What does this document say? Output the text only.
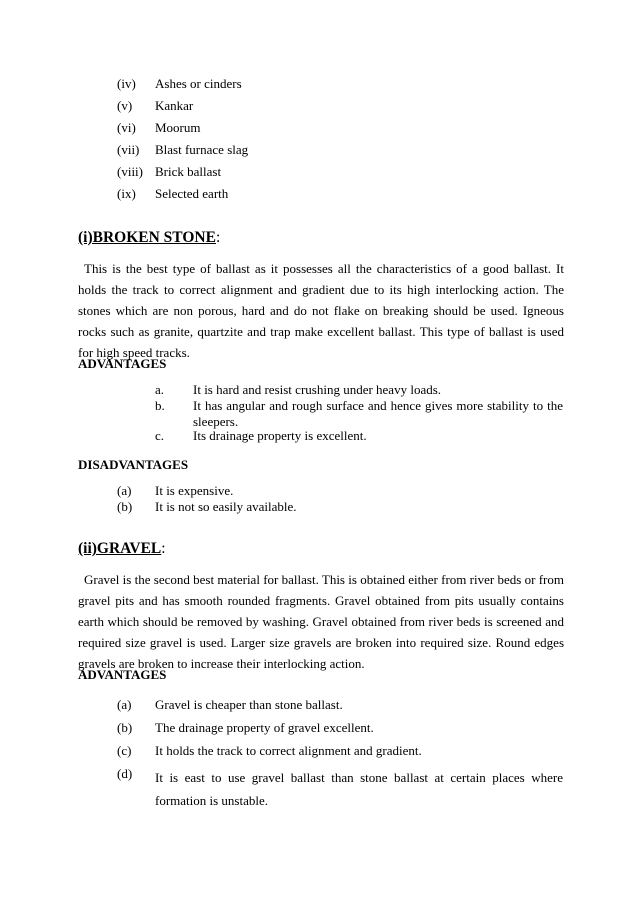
(iv) Ashes or cinders
(v) Kankar
(vi) Moorum
(vii) Blast furnace slag
(viii) Brick ballast
(ix) Selected earth
(i)BROKEN STONE:
This is the best type of ballast as it possesses all the characteristics of a good ballast. It holds the track to correct alignment and gradient due to its high interlocking action. The stones which are non porous, hard and do not flake on breaking should be used. Igneous rocks such as granite, quartzite and trap make excellent ballast. This type of ballast is used for high speed tracks.
ADVANTAGES
a. It is hard and resist crushing under heavy loads.
b. It has angular and rough surface and hence gives more stability to the sleepers.
c. Its drainage property is excellent.
DISADVANTAGES
(a) It is expensive.
(b) It is not so easily available.
(ii)GRAVEL:
Gravel is the second best material for ballast. This is obtained either from river beds or from gravel pits and has smooth rounded fragments. Gravel obtained from pits usually contains earth which should be removed by washing. Gravel obtained from river beds is screened and required size gravel is used. Larger size gravels are broken into required size. Round edges gravels are broken to increase their interlocking action.
ADVANTAGES
(a) Gravel is cheaper than stone ballast.
(b) The drainage property of gravel excellent.
(c) It holds the track to correct alignment and gradient.
(d) It is east to use gravel ballast than stone ballast at certain places where formation is unstable.
